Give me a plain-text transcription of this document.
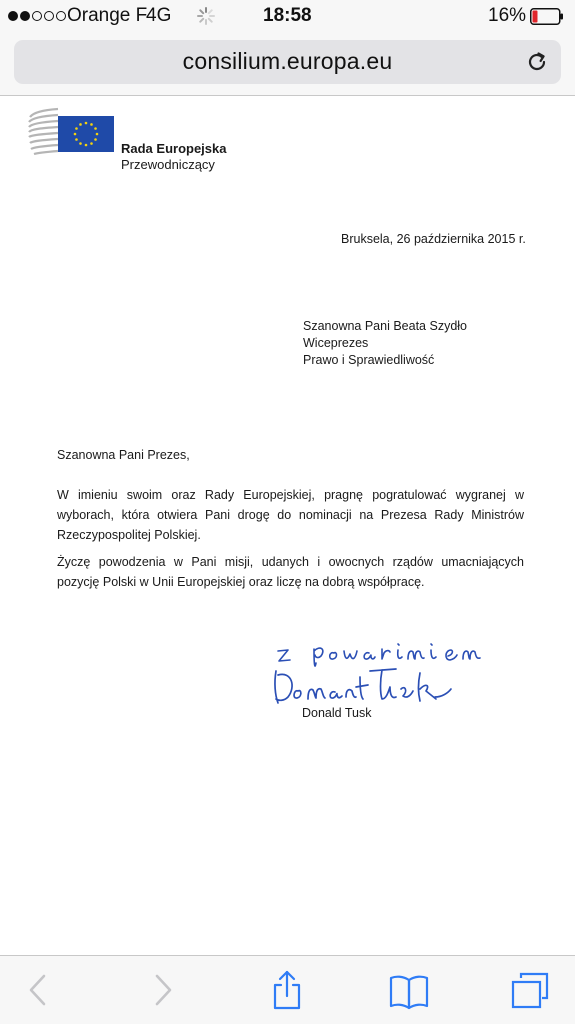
Orange F
4G	18:58	16%
consilium.europa.eu
Rada Europejska
Przewodniczący
Bruksela, 26 października 2015 r.
Szanowna Pani Beata Szydło
Wiceprezes
Prawo i Sprawiedliwość
Szanowna Pani Prezes,

W imieniu swoim oraz Rady Europejskiej, pragnę pogratulować wygranej w wyborach, która otwiera Pani drogę do nominacji na Prezesa Rady Ministrów Rzeczypospolitej Polskiej.

Życzę powodzenia w Pani misji, udanych i owocnych rządów umacniających pozycję Polski w Unii Europejskiej oraz liczę na dobrą współpracę.

Donald Tusk
